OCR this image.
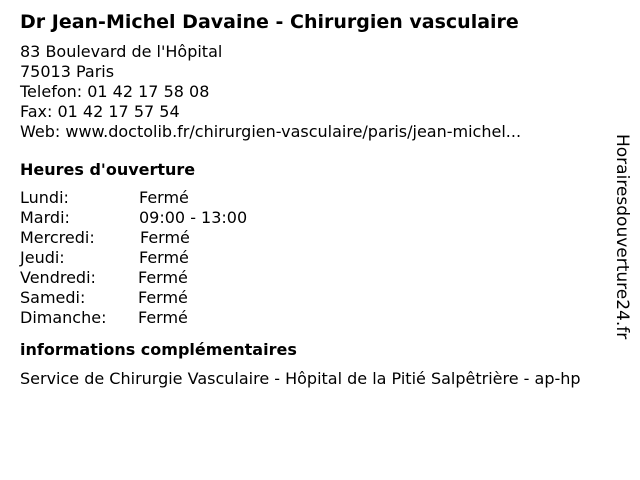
Dr Jean-Michel Davaine - Chirurgien vasculaire
83 Boulevard de l'Hôpital
75013 Paris
Telefon: 01 42 17 58 08
Fax: 01 42 17 57 54
Web: www.doctolib.fr/chirurgien-vasculaire/paris/jean-michel...
Heures d'ouverture
Lundi:	Fermé
Mardi:	09:00 - 13:00
Mercredi:	Fermé
Jeudi:	Fermé
Vendredi:	Fermé
Samedi:	Fermé
Dimanche: Fermé
informations complémentaires
Service de Chirurgie Vasculaire - Hôpital de la Pitié Salpêtrière - ap-hp
Horairesdouverture24.fr
